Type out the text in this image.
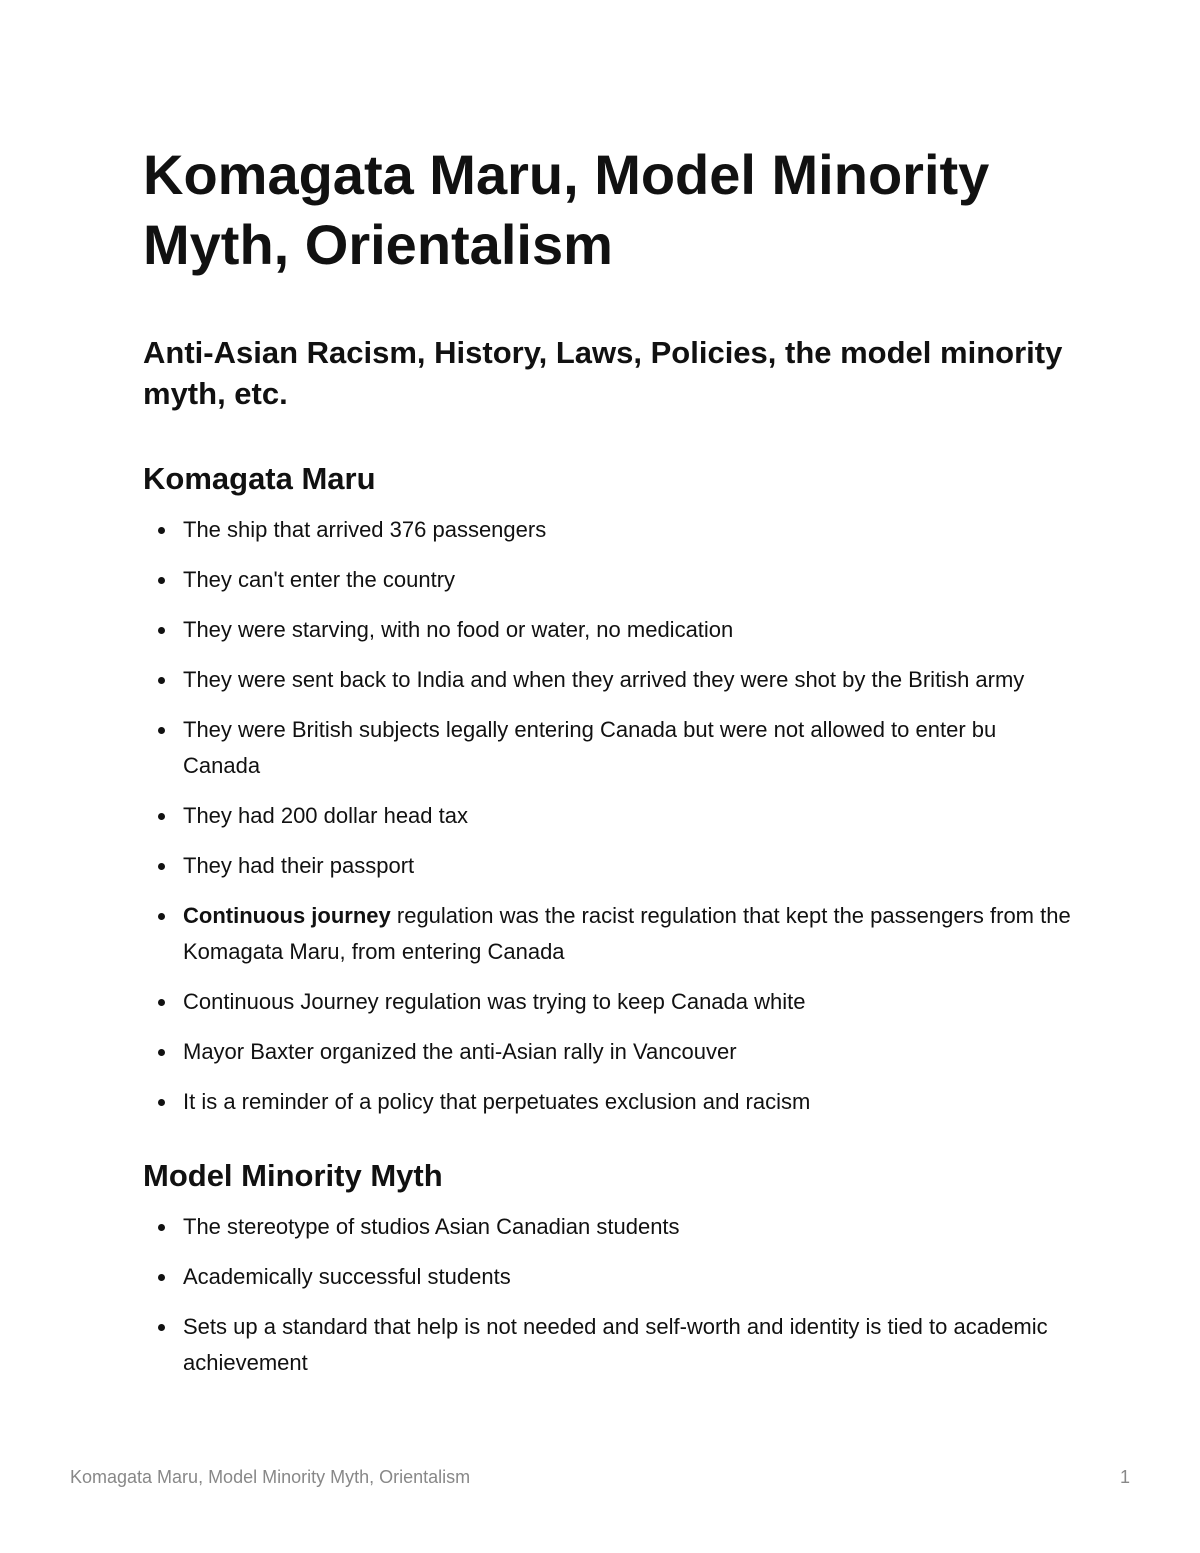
Komagata Maru, Model Minority Myth, Orientalism
Anti-Asian Racism, History, Laws, Policies, the model minority myth, etc.
Komagata Maru
The ship that arrived 376 passengers
They can't enter the country
They were starving, with no food or water, no medication
They were sent back to India and when they arrived they were shot by the British army
They were British subjects legally entering Canada but were not allowed to enter bu Canada
They had 200 dollar head tax
They had their passport
Continuous journey regulation was the racist regulation that kept the passengers from the Komagata Maru, from entering Canada
Continuous Journey regulation was trying to keep Canada white
Mayor Baxter organized the anti-Asian rally in Vancouver
It is a reminder of a policy that perpetuates exclusion and racism
Model Minority Myth
The stereotype of studios Asian Canadian students
Academically successful students
Sets up a standard that help is not needed and self-worth and identity is tied to academic achievement
Komagata Maru, Model Minority Myth, Orientalism	1
